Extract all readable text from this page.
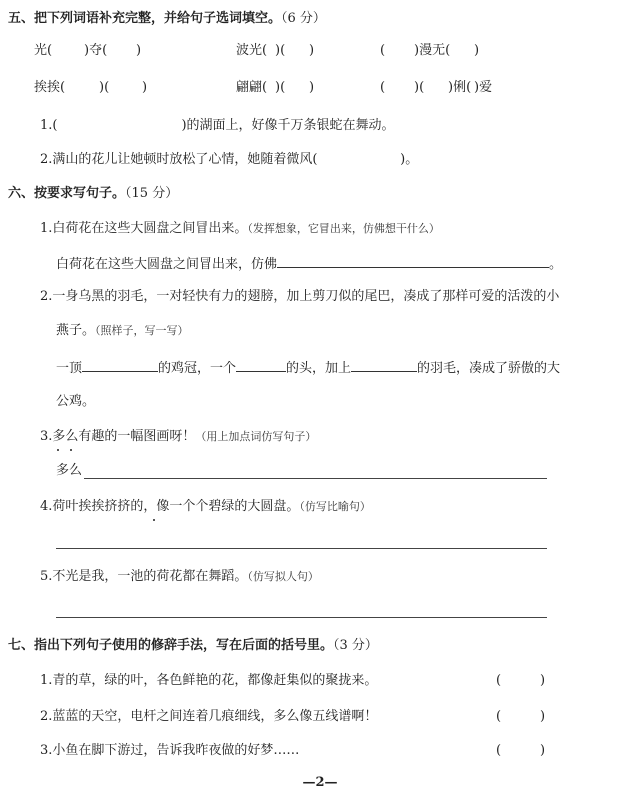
五、把下列词语补充完整，并给句子选词填空。（6 分）
光( )夺( )	波光( )( )	( )漫无( )
挨挨(	)(	)	翩翩( )( )	( )( )俐( )爱
1.(                              )的湖面上，好像千万条银蛇在舞动。
2.满山的花儿让她顿时放松了心情，她随着微风(                    )。
六、按要求写句子。（15 分）
1.白荷花在这些大圆盘之间冒出来。（发挥想象，它冒出来，仿佛想干什么）
白荷花在这些大圆盘之间冒出来，仿佛	。
2.一身乌黑的羽毛，一对轻快有力的翅膀，加上剪刀似的尾巴，凑成了那样可爱的活泼的小
燕子。（照样子，写一写）
一顶	的鸡冠，一个	的头，加上	的羽毛，凑成了骄傲的大
公鸡。
3.多么有趣的一幅图画呀！（用上加点词仿写句子）
多么
4.荷叶挨挨挤挤的，像一个个碧绿的大圆盘。（仿写比喻句）
5.不光是我，一池的荷花都在舞蹈。（仿写拟人句）
七、指出下列句子使用的修辞手法，写在后面的括号里。（3 分）
1.青的草，绿的叶，各色鲜艳的花，都像赶集似的聚拢来。	(	)
2.蓝蓝的天空，电杆之间连着几痕细线，多么像五线谱啊！	(	)
3.小鱼在脚下游过，告诉我昨夜做的好梦……	(	)
—2—
